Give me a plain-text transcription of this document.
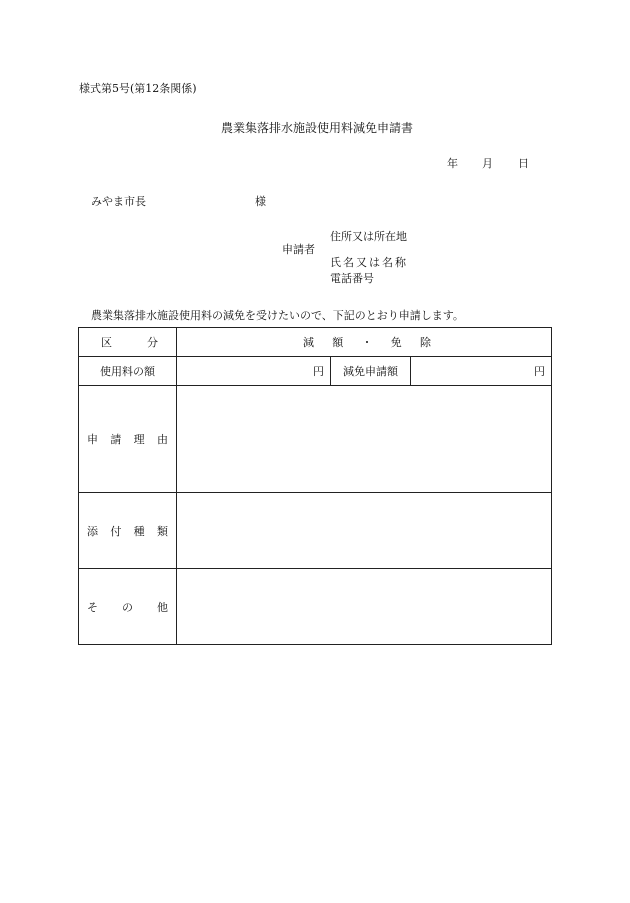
様式第5号(第12条関係)
農業集落排水施設使用料減免申請書
年 月 日
みやま市長	様
申請者
住所又は所在地
氏名又は名称
電話番号
農業集落排水施設使用料の減免を受けたいので、下記のとおり申請します。
区 分	減 額 ・ 免 除		

使用料の額	円	減免申請額	円

申 請 理 由			

添 付 種 類			

そ の 他			
